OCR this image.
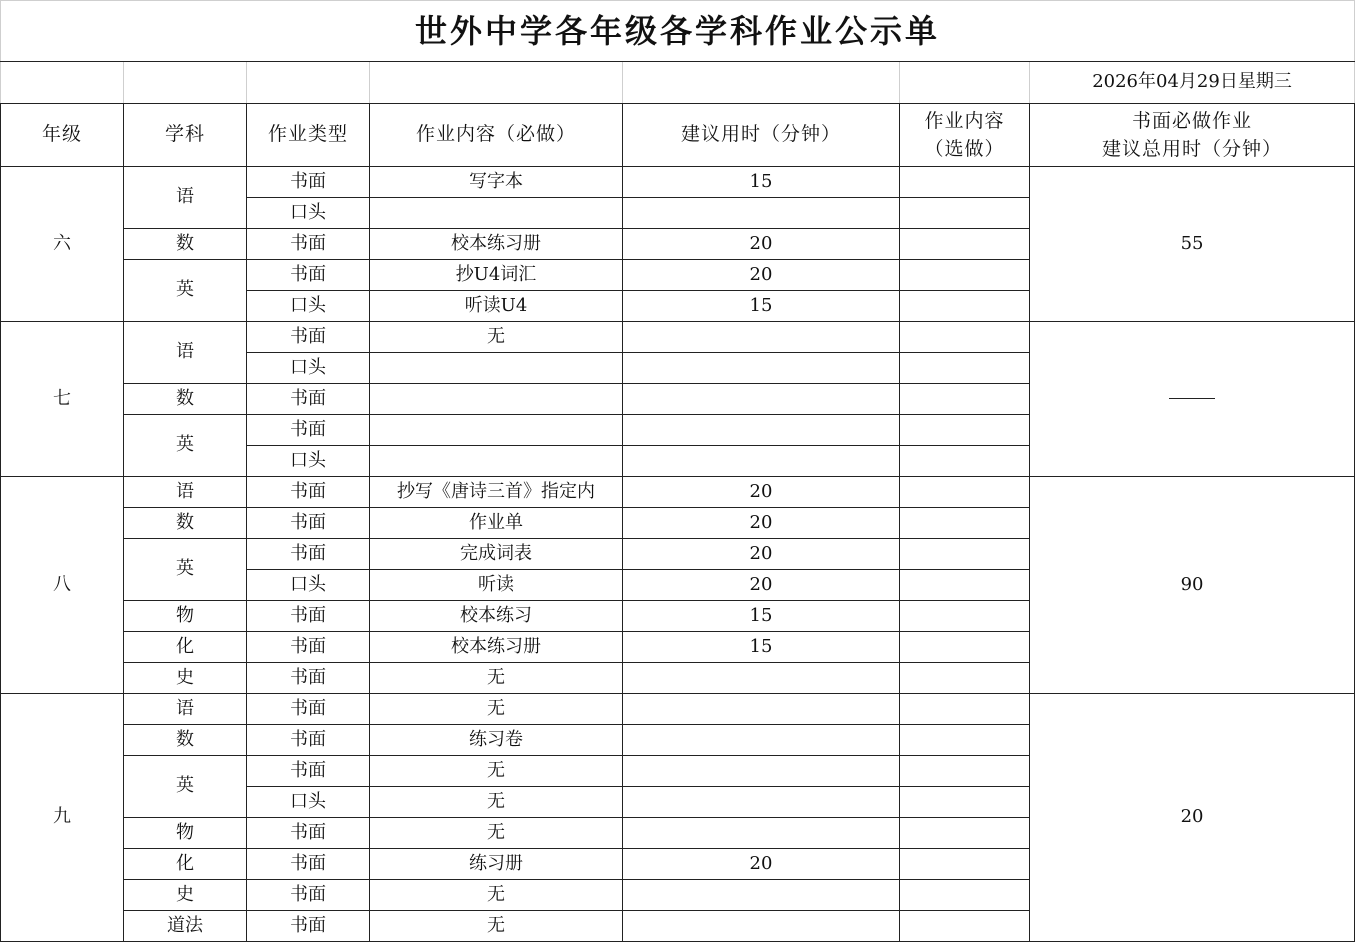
世外中学各年级各学科作业公示单						
						2026年04月29日星期三
年级	学科	作业类型	作业内容（必做）	建议用时（分钟）	作业内容
（选做）	书面必做作业
建议总用时（分钟）
六	语	书面	写字本	15		55
		口头				
	数	书面	校本练习册	20		
	英	书面	抄U4词汇	20		
		口头	听读U4	15		
七	语	书面	无			
		口头				
	数	书面				
	英	书面				
		口头				
八	语	书面	抄写《唐诗三首》指定内	20		90
	数	书面	作业单	20		
	英	书面	完成词表	20		
		口头	听读	20		
	物	书面	校本练习	15		
	化	书面	校本练习册	15		
	史	书面	无			
九	语	书面	无			20
	数	书面	练习卷			
	英	书面	无			
		口头	无			
	物	书面	无			
	化	书面	练习册	20		
	史	书面	无			
	道法	书面	无			
